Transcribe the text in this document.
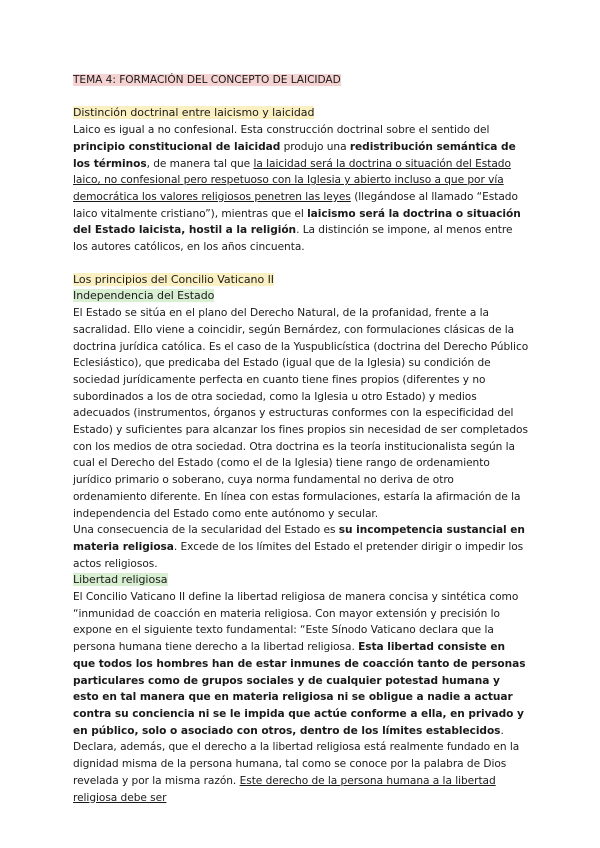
TEMA 4: FORMACIÓN DEL CONCEPTO DE LAICIDAD

Distinción doctrinal entre laicismo y laicidad

Laico es igual a no confesional. Esta construcción doctrinal sobre el sentido del principio constitucional de laicidad produjo una redistribución semántica de los términos, de manera tal que la laicidad será la doctrina o situación del Estado laico, no confesional pero respetuoso con la Iglesia y abierto incluso a que por vía democrática los valores religiosos penetren las leyes (llegándose al llamado “Estado laico vitalmente cristiano”), mientras que el laicismo será la doctrina o situación del Estado laicista, hostil a la religión. La distinción se impone, al menos entre los autores católicos, en los años cincuenta.

Los principios del Concilio Vaticano II

Independencia del Estado

El Estado se sitúa en el plano del Derecho Natural, de la profanidad, frente a la sacralidad. Ello viene a coincidir, según Bernárdez, con formulaciones clásicas de la doctrina jurídica católica. Es el caso de la Yuspublicística (doctrina del Derecho Público Eclesiástico), que predicaba del Estado (igual que de la Iglesia) su condición de sociedad jurídicamente perfecta en cuanto tiene fines propios (diferentes y no subordinados a los de otra sociedad, como la Iglesia u otro Estado) y medios adecuados (instrumentos, órganos y estructuras conformes con la especificidad del Estado) y suficientes para alcanzar los fines propios sin necesidad de ser completados con los medios de otra sociedad. Otra doctrina es la teoría institucionalista según la cual el Derecho del Estado (como el de la Iglesia) tiene rango de ordenamiento jurídico primario o soberano, cuya norma fundamental no deriva de otro ordenamiento diferente. En línea con estas formulaciones, estaría la afirmación de la independencia del Estado como ente autónomo y secular.

Una consecuencia de la secularidad del Estado es su incompetencia sustancial en materia religiosa. Excede de los límites del Estado el pretender dirigir o impedir los actos religiosos.

Libertad religiosa

El Concilio Vaticano II define la libertad religiosa de manera concisa y sintética como “inmunidad de coacción en materia religiosa. Con mayor extensión y precisión lo expone en el siguiente texto fundamental: “Este Sínodo Vaticano declara que la persona humana tiene derecho a la libertad religiosa. Esta libertad consiste en que todos los hombres han de estar inmunes de coacción tanto de personas particulares como de grupos sociales y de cualquier potestad humana y esto en tal manera que en materia religiosa ni se obligue a nadie a actuar contra su conciencia ni se le impida que actúe conforme a ella, en privado y en público, solo o asociado con otros, dentro de los límites establecidos. Declara, además, que el derecho a la libertad religiosa está realmente fundado en la dignidad misma de la persona humana, tal como se conoce por la palabra de Dios revelada y por la misma razón. Este derecho de la persona humana a la libertad religiosa debe ser
